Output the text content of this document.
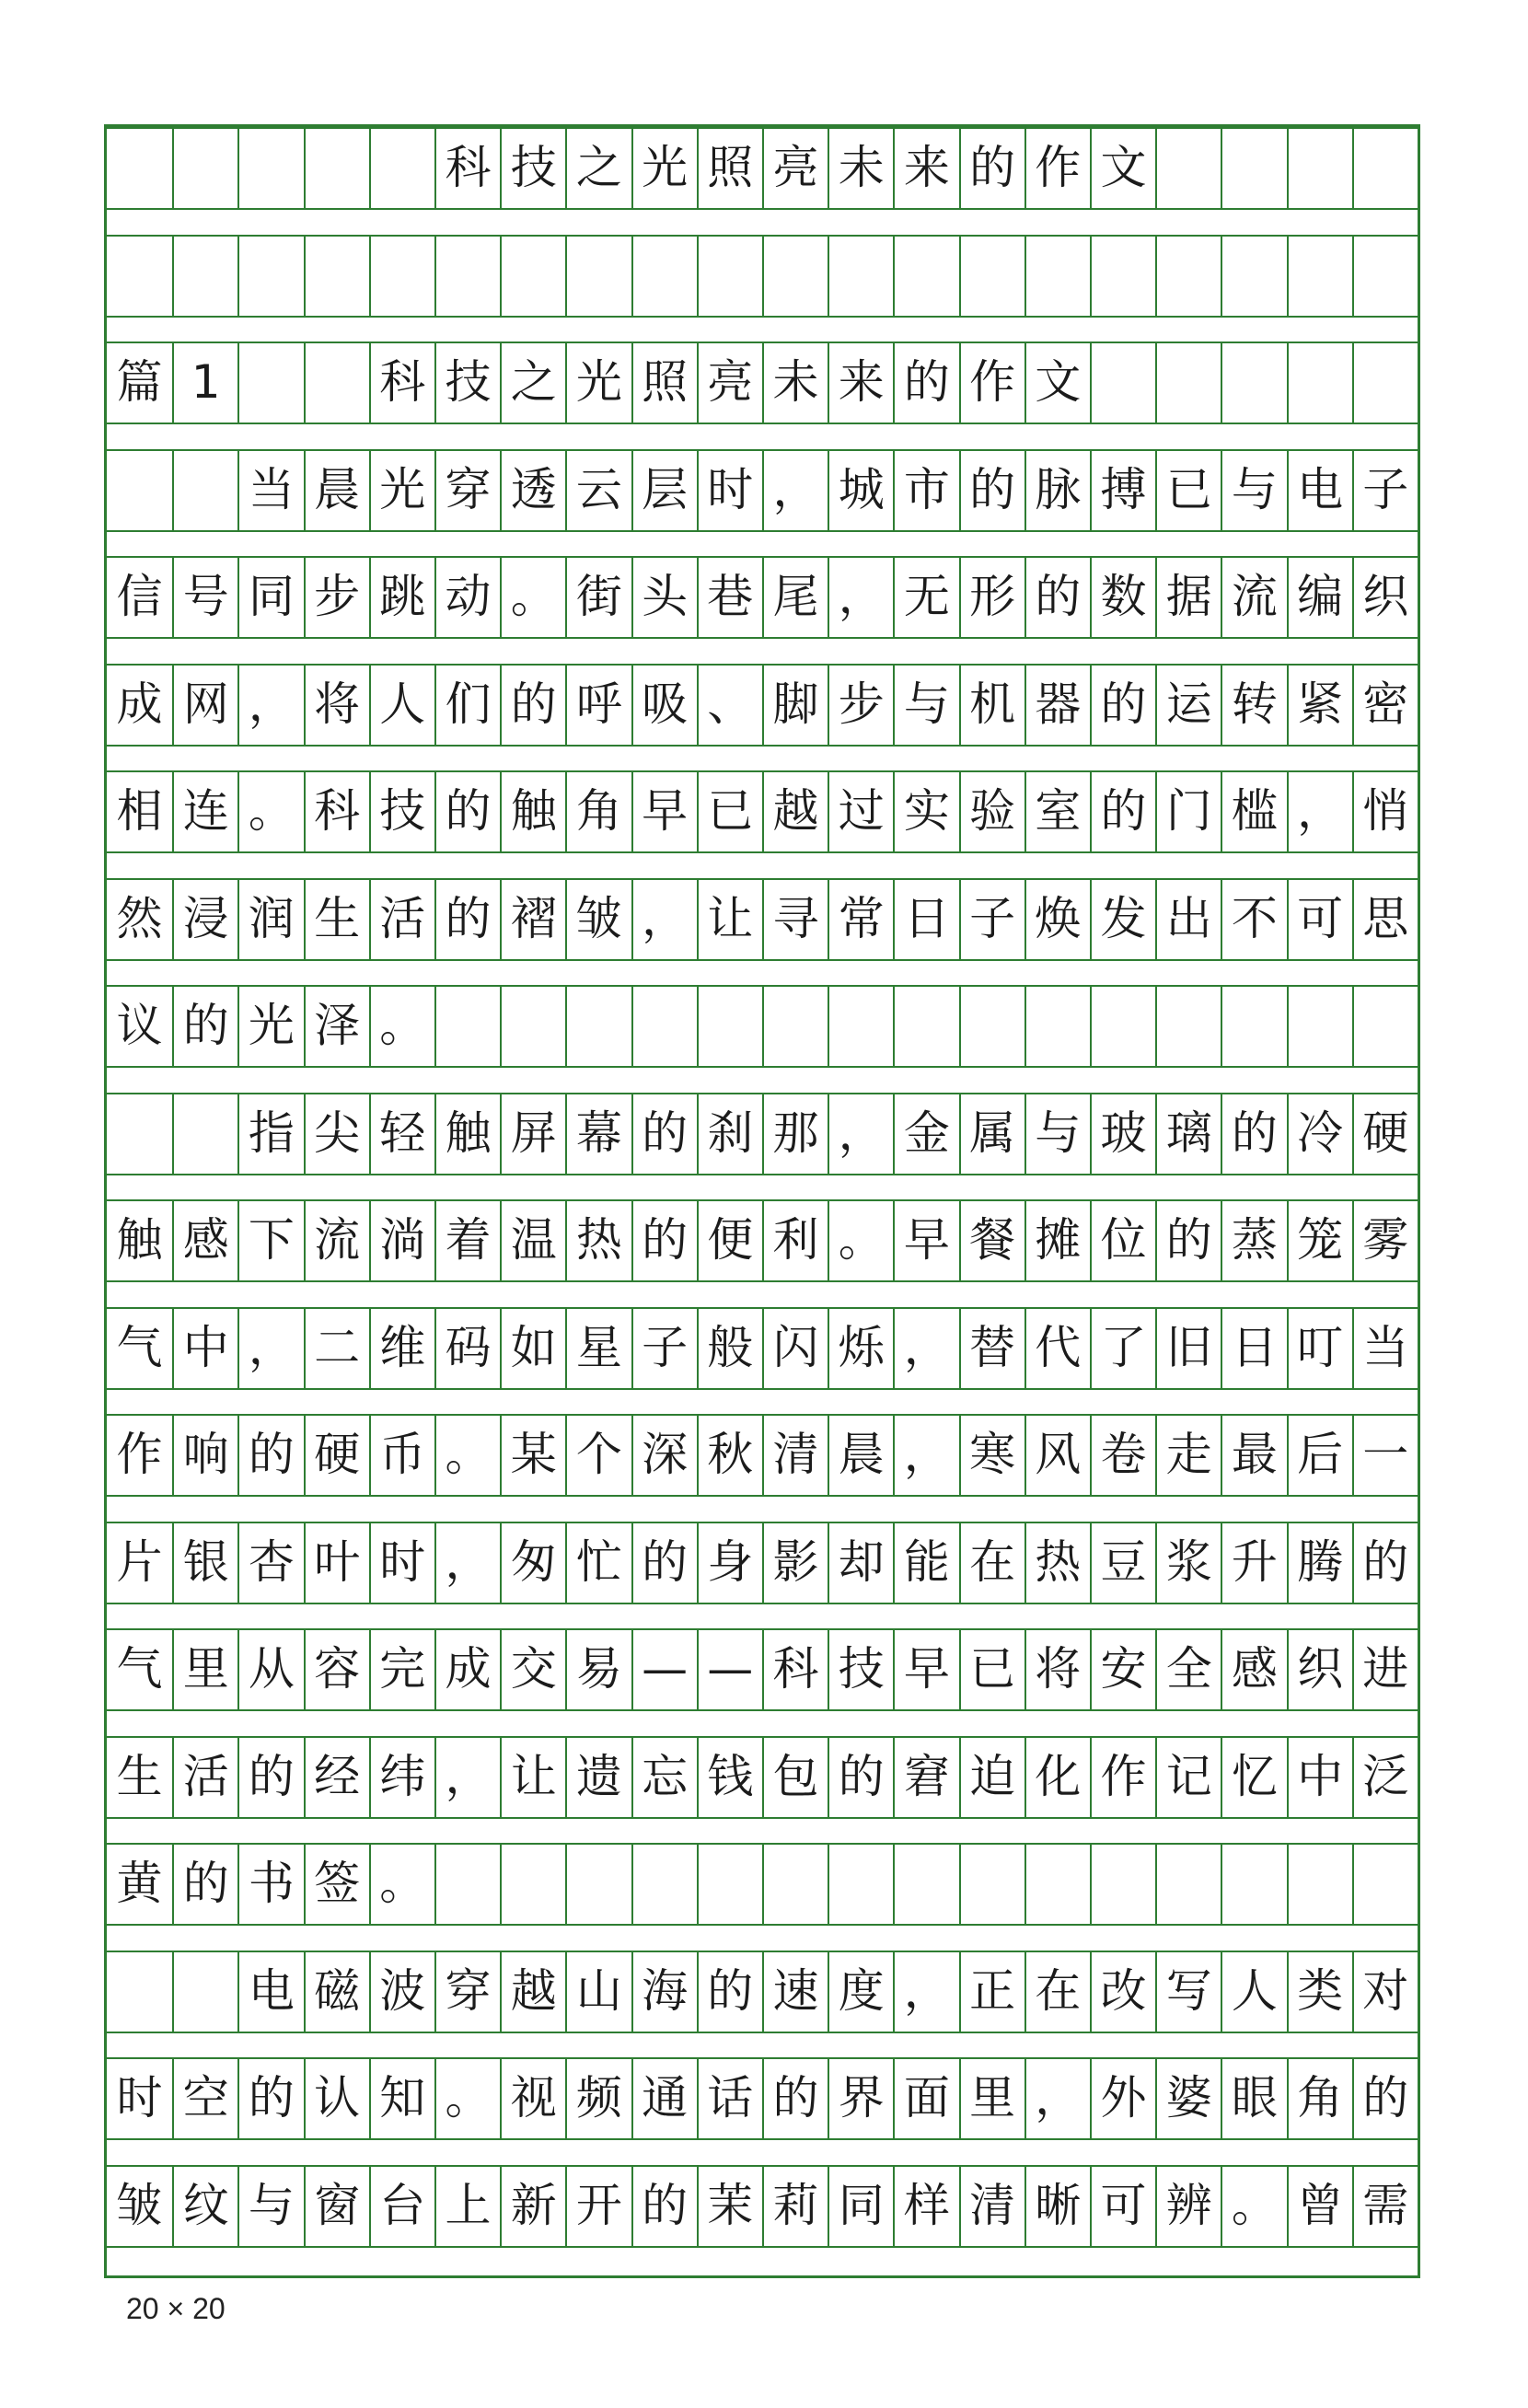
科 技 之 光 照 亮 未 来 的 作 文
篇 1	科 技 之 光 照 亮 未 来 的 作 文
当 晨 光 穿 透 云 层 时 ， 城 市 的 脉 搏 已 与 电 子
信 号 同 步 跳 动 。 街 头 巷 尾 ， 无 形 的 数 据 流 编 织
成 网 ， 将 人 们 的 呼 吸 、 脚 步 与 机 器 的 运 转 紧 密
相 连 。 科 技 的 触 角 早 已 越 过 实 验 室 的 门 槛 ， 悄
然 浸 润 生 活 的 褶 皱 ， 让 寻 常 日 子 焕 发 出 不 可 思
议 的 光 泽 。
指 尖 轻 触 屏 幕 的 刹 那 ， 金 属 与 玻 璃 的 冷 硬
触 感 下 流 淌 着 温 热 的 便 利 。 早 餐 摊 位 的 蒸 笼 雾
气 中 ， 二 维 码 如 星 子 般 闪 烁 ， 替 代 了 旧 日 叮 当
作 响 的 硬 币 。 某 个 深 秋 清 晨 ， 寒 风 卷 走 最 后 一
片 银 杏 叶 时 ， 匆 忙 的 身 影 却 能 在 热 豆 浆 升 腾 的
气 里 从 容 完 成 交 易 — — 科 技 早 已 将 安 全 感 织 进
生 活 的 经 纬 ， 让 遗 忘 钱 包 的 窘 迫 化 作 记 忆 中 泛
黄 的 书 签 。
电 磁 波 穿 越 山 海 的 速 度 ， 正 在 改 写 人 类 对
时 空 的 认 知 。 视 频 通 话 的 界 面 里 ， 外 婆 眼 角 的
皱 纹 与 窗 台 上 新 开 的 茉 莉 同 样 清 晰 可 辨 。 曾 需
20 × 20
